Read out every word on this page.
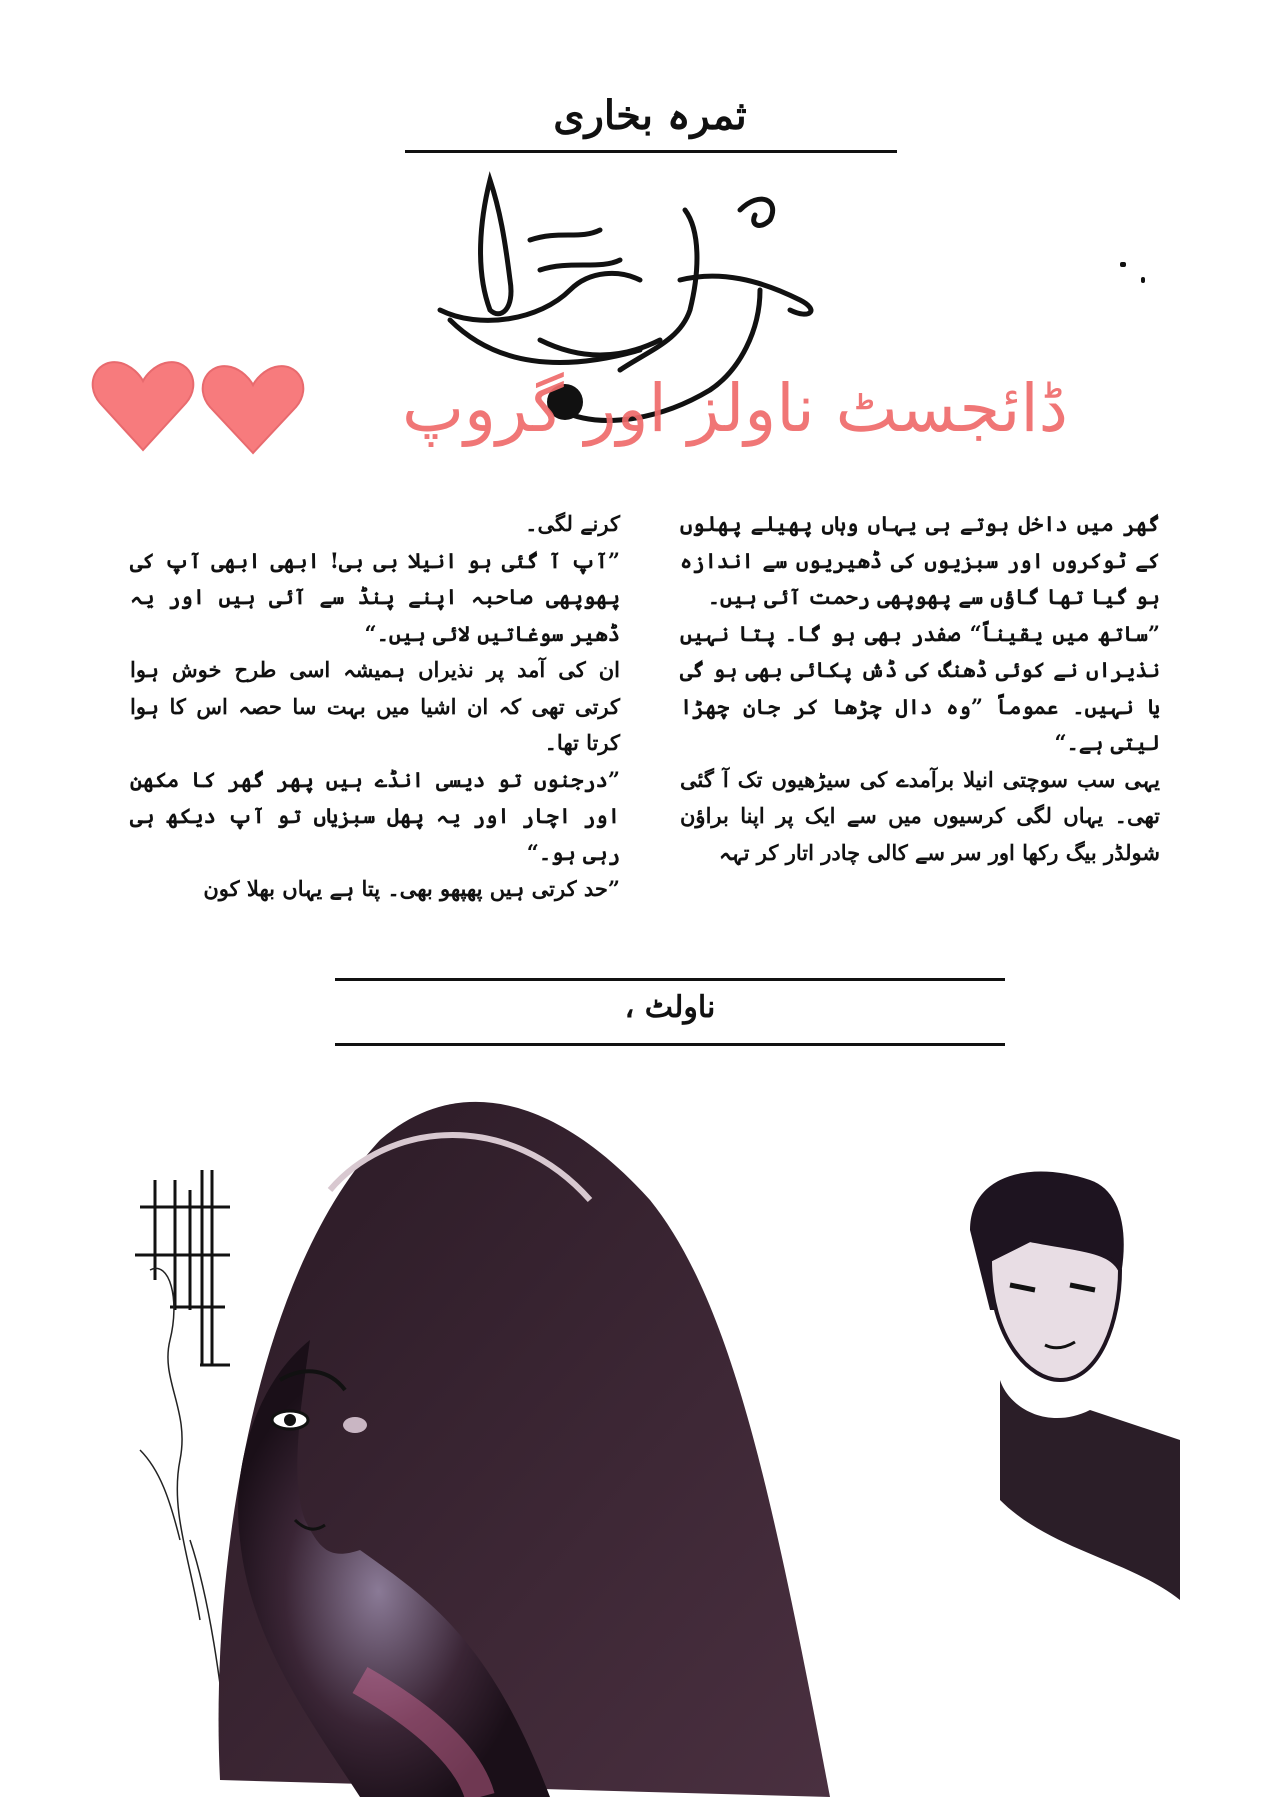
ثمرہ بخاری
ڈائجسٹ ناولز اور گروپ

گھر میں داخل ہوتے ہی یہاں وہاں پھیلے پھلوں کے ٹوکروں اور سبزیوں کی ڈھیریوں سے اندازہ ہو گیا تھا گاؤں سے پھوپھی رحمت آئی ہیں۔

”ساتھ میں یقیناً“ صفدر بھی ہو گا۔ پتا نہیں نذیراں نے کوئی ڈھنگ کی ڈش پکائی بھی ہو گی یا نہیں۔ عموماً ”وہ دال چڑھا کر جان چھڑا لیتی ہے۔“

یہی سب سوچتی انیلا برآمدے کی سیڑھیوں تک آ گئی تھی۔ یہاں لگی کرسیوں میں سے ایک پر اپنا براؤن شولڈر بیگ رکھا اور سر سے کالی چادر اتار کر تہہ

کرنے لگی۔

”آپ آ گئی ہو انیلا بی بی! ابھی ابھی آپ کی پھوپھی صاحبہ اپنے پنڈ سے آئی ہیں اور یہ ڈھیر سوغاتیں لائی ہیں۔“

ان کی آمد پر نذیراں ہمیشہ اسی طرح خوش ہوا کرتی تھی کہ ان اشیا میں بہت سا حصہ اس کا ہوا کرتا تھا۔

”درجنوں تو دیسی انڈے ہیں پھر گھر کا مکھن اور اچار اور یہ پھل سبزیاں تو آپ دیکھ ہی رہی ہو۔“

”حد کرتی ہیں پھپھو بھی۔ پتا ہے یہاں بھلا کون

ناولٹ ،
